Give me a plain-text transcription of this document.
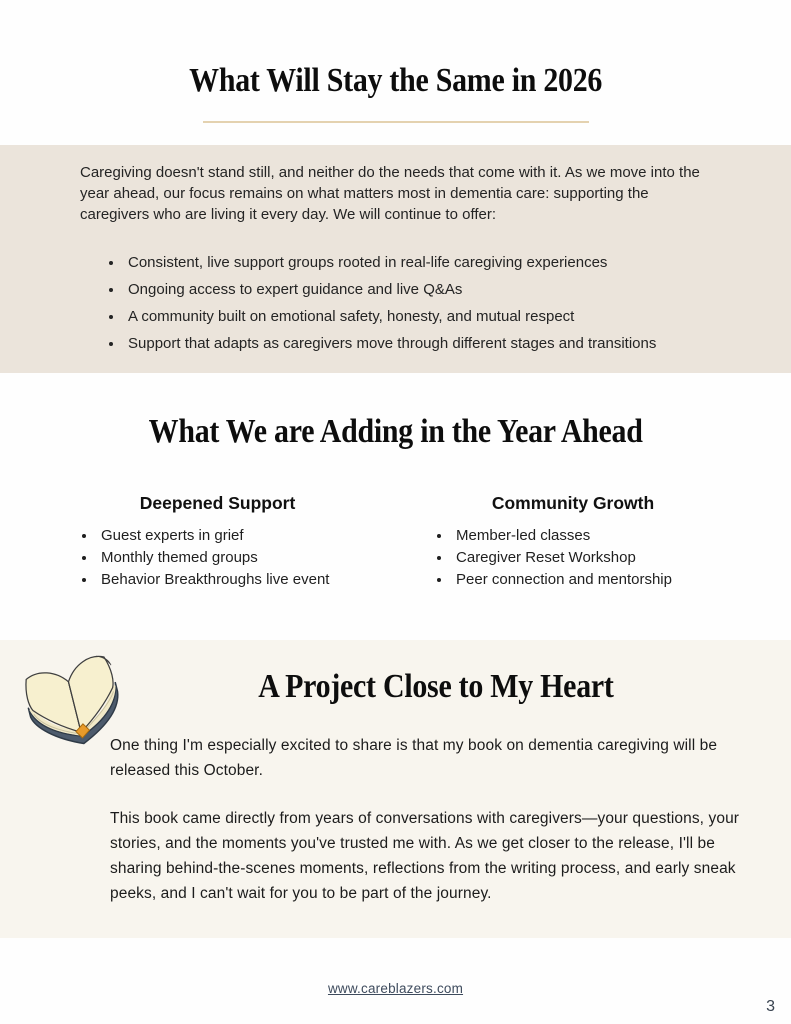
What Will Stay the Same in 2026

Caregiving doesn't stand still, and neither do the needs that come with it. As we move into the year ahead, our focus remains on what matters most in dementia care: supporting the caregivers who are living it every day. We will continue to offer:

• Consistent, live support groups rooted in real-life caregiving experiences
• Ongoing access to expert guidance and live Q&As
• A community built on emotional safety, honesty, and mutual respect
• Support that adapts as caregivers move through different stages and transitions
What We are Adding in the Year Ahead
Deepened Support
• Guest experts in grief
• Monthly themed groups
• Behavior Breakthroughs live event
Community Growth
• Member-led classes
• Caregiver Reset Workshop
• Peer connection and mentorship
A Project Close to My Heart

One thing I'm especially excited to share is that my book on dementia caregiving will be released this October.

This book came directly from years of conversations with caregivers—your questions, your stories, and the moments you've trusted me with. As we get closer to the release, I'll be sharing behind-the-scenes moments, reflections from the writing process, and early sneak peeks, and I can't wait for you to be part of the journey.

www.careblazers.com
3
